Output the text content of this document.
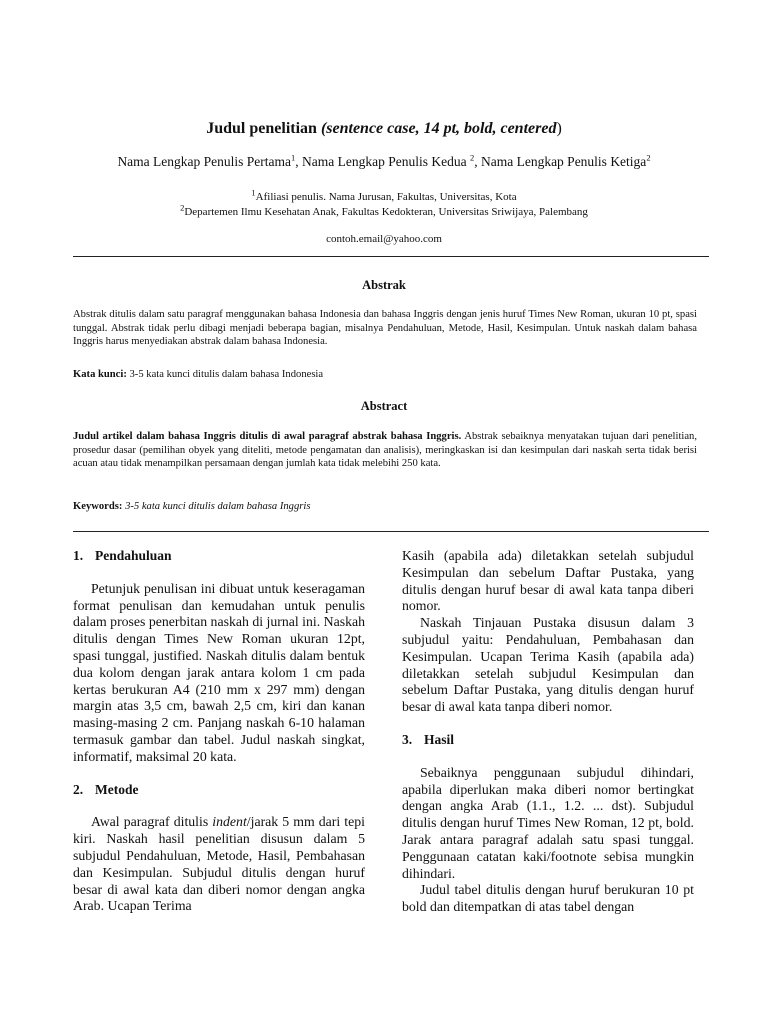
Judul penelitian (sentence case, 14 pt, bold, centered)
Nama Lengkap Penulis Pertama$^1$, Nama Lengkap Penulis Kedua $^2$, Nama Lengkap Penulis Ketiga$^2$
$^1$Afiliasi penulis. Nama Jurusan, Fakultas, Universitas, Kota
$^2$Departemen Ilmu Kesehatan Anak, Fakultas Kedokteran, Universitas Sriwijaya, Palembang
contoh.email@yahoo.com
Abstrak
Abstrak ditulis dalam satu paragraf menggunakan bahasa Indonesia dan bahasa Inggris dengan jenis huruf Times New Roman, ukuran 10 pt, spasi tunggal. Abstrak tidak perlu dibagi menjadi beberapa bagian, misalnya Pendahuluan, Metode, Hasil, Kesimpulan. Untuk naskah dalam bahasa Inggris harus menyediakan abstrak dalam bahasa Indonesia.
Kata kunci: 3-5 kata kunci ditulis dalam bahasa Indonesia
Abstract
Judul artikel dalam bahasa Inggris ditulis di awal paragraf abstrak bahasa Inggris. Abstrak sebaiknya menyatakan tujuan dari penelitian, prosedur dasar (pemilihan obyek yang diteliti, metode pengamatan dan analisis), meringkaskan isi dan kesimpulan dari naskah serta tidak berisi acuan atau tidak menampilkan persamaan dengan jumlah kata tidak melebihi 250 kata.
Keywords: 3-5 kata kunci ditulis dalam bahasa Inggris

1. Pendahuluan

Petunjuk penulisan ini dibuat untuk keseragaman format penulisan dan kemudahan untuk penulis dalam proses penerbitan naskah di jurnal ini. Naskah ditulis dengan Times New Roman ukuran 12pt, spasi tunggal, justified. Naskah ditulis dalam bentuk dua kolom dengan jarak antara kolom 1 cm pada kertas berukuran A4 (210 mm x 297 mm) dengan margin atas 3,5 cm, bawah 2,5 cm, kiri dan kanan masing-masing 2 cm. Panjang naskah 6-10 halaman termasuk gambar dan tabel. Judul naskah singkat, informatif, maksimal 20 kata.

2. Metode

Awal paragraf ditulis indent/jarak 5 mm dari tepi kiri. Naskah hasil penelitian disusun dalam 5 subjudul Pendahuluan, Metode, Hasil, Pembahasan dan Kesimpulan. Subjudul ditulis dengan huruf besar di awal kata dan diberi nomor dengan angka Arab. Ucapan Terima

Kasih (apabila ada) diletakkan setelah subjudul Kesimpulan dan sebelum Daftar Pustaka, yang ditulis dengan huruf besar di awal kata tanpa diberi nomor.

Naskah Tinjauan Pustaka disusun dalam 3 subjudul yaitu: Pendahuluan, Pembahasan dan Kesimpulan. Ucapan Terima Kasih (apabila ada) diletakkan setelah subjudul Kesimpulan dan sebelum Daftar Pustaka, yang ditulis dengan huruf besar di awal kata tanpa diberi nomor.

3. Hasil

Sebaiknya penggunaan subjudul dihindari, apabila diperlukan maka diberi nomor bertingkat dengan angka Arab (1.1., 1.2. ... dst). Subjudul ditulis dengan huruf Times New Roman, 12 pt, bold. Jarak antara paragraf adalah satu spasi tunggal. Penggunaan catatan kaki/footnote sebisa mungkin dihindari.

Judul tabel ditulis dengan huruf berukuran 10 pt bold dan ditempatkan di atas tabel dengan
